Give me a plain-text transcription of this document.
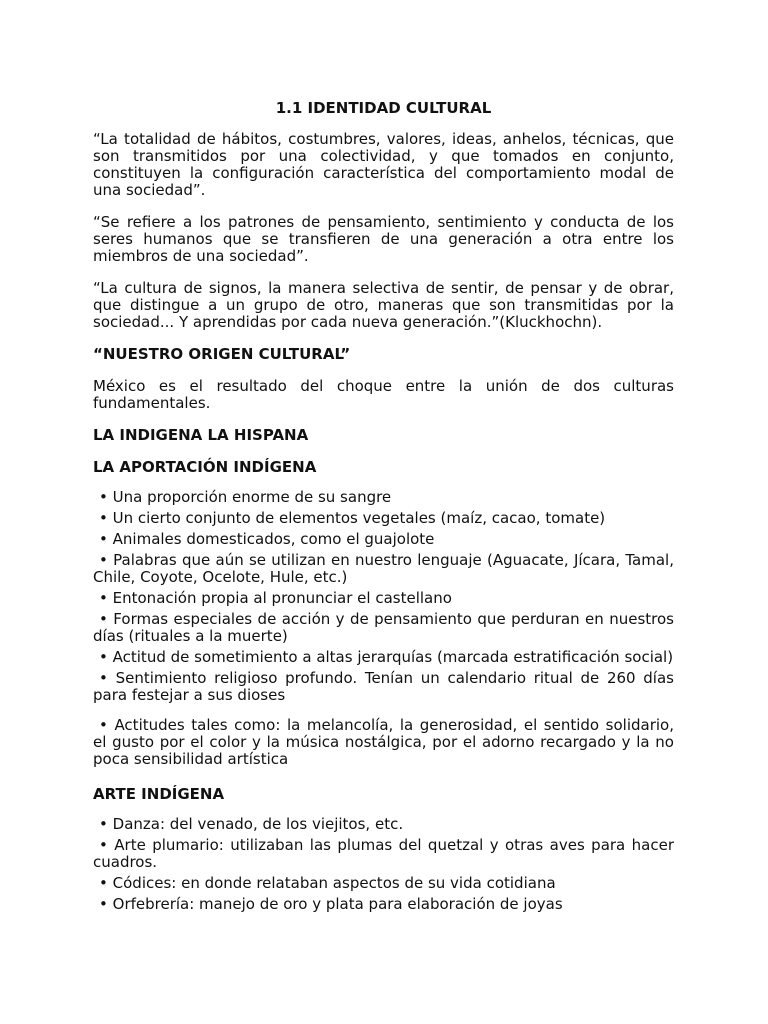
1.1 IDENTIDAD CULTURAL

“La totalidad de hábitos, costumbres, valores, ideas, anhelos, técnicas, que son transmitidos por una colectividad, y que tomados en conjunto, constituyen la configuración característica del comportamiento modal de una sociedad”.

“Se refiere a los patrones de pensamiento, sentimiento y conducta de los seres humanos que se transfieren de una generación a otra entre los miembros de una sociedad”.

“La cultura de signos, la manera selectiva de sentir, de pensar y de obrar, que distingue a un grupo de otro, maneras que son transmitidas por la sociedad... Y aprendidas por cada nueva generación.”(Kluckhochn).

“NUESTRO ORIGEN CULTURAL”

México es el resultado del choque entre la unión de dos culturas fundamentales.

LA INDIGENA LA HISPANA

LA APORTACIÓN INDÍGENA

• Una proporción enorme de su sangre
• Un cierto conjunto de elementos vegetales (maíz, cacao, tomate)
• Animales domesticados, como el guajolote
• Palabras que aún se utilizan en nuestro lenguaje (Aguacate, Jícara, Tamal, Chile, Coyote, Ocelote, Hule, etc.)
• Entonación propia al pronunciar el castellano
• Formas especiales de acción y de pensamiento que perduran en nuestros días (rituales a la muerte)
• Actitud de sometimiento a altas jerarquías (marcada estratificación social)
• Sentimiento religioso profundo. Tenían un calendario ritual de 260 días para festejar a sus dioses
• Actitudes tales como: la melancolía, la generosidad, el sentido solidario, el gusto por el color y la música nostálgica, por el adorno recargado y la no poca sensibilidad artística

ARTE INDÍGENA

• Danza: del venado, de los viejitos, etc.
• Arte plumario: utilizaban las plumas del quetzal y otras aves para hacer cuadros.
• Códices: en donde relataban aspectos de su vida cotidiana
• Orfebrería: manejo de oro y plata para elaboración de joyas
